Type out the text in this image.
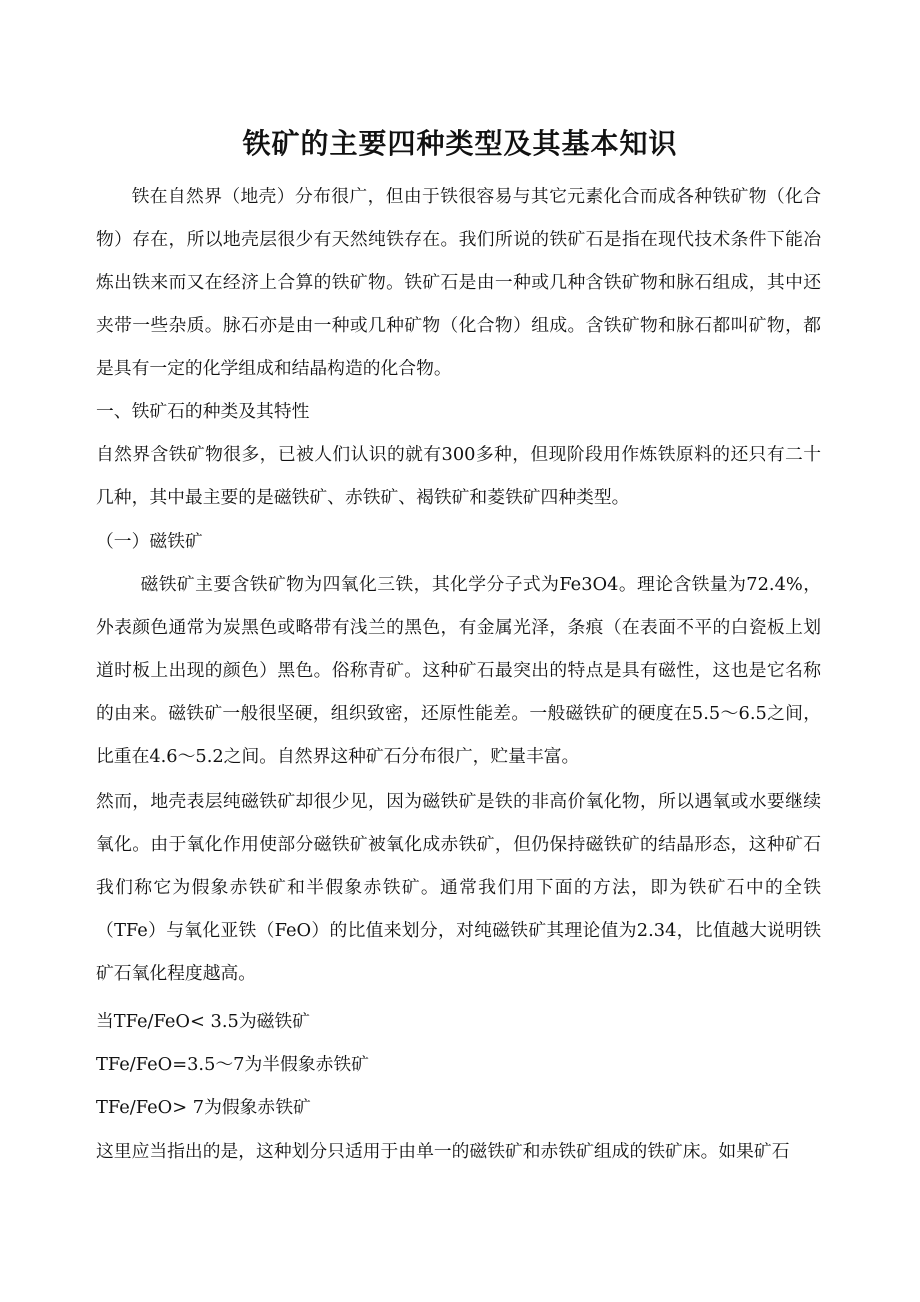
铁矿的主要四种类型及其基本知识

铁在自然界（地壳）分布很广，但由于铁很容易与其它元素化合而成各种铁矿物（化合物）存在，所以地壳层很少有天然纯铁存在。我们所说的铁矿石是指在现代技术条件下能冶炼出铁来而又在经济上合算的铁矿物。铁矿石是由一种或几种含铁矿物和脉石组成，其中还夹带一些杂质。脉石亦是由一种或几种矿物（化合物）组成。含铁矿物和脉石都叫矿物，都是具有一定的化学组成和结晶构造的化合物。

一、铁矿石的种类及其特性

自然界含铁矿物很多，已被人们认识的就有300多种，但现阶段用作炼铁原料的还只有二十几种，其中最主要的是磁铁矿、赤铁矿、褐铁矿和菱铁矿四种类型。

（一）磁铁矿

磁铁矿主要含铁矿物为四氧化三铁，其化学分子式为Fe3O4。理论含铁量为72.4%，外表颜色通常为炭黑色或略带有浅兰的黑色，有金属光泽，条痕（在表面不平的白瓷板上划道时板上出现的颜色）黑色。俗称青矿。这种矿石最突出的特点是具有磁性，这也是它名称的由来。磁铁矿一般很坚硬，组织致密，还原性能差。一般磁铁矿的硬度在5.5～6.5之间，比重在4.6～5.2之间。自然界这种矿石分布很广，贮量丰富。

然而，地壳表层纯磁铁矿却很少见，因为磁铁矿是铁的非高价氧化物，所以遇氧或水要继续氧化。由于氧化作用使部分磁铁矿被氧化成赤铁矿，但仍保持磁铁矿的结晶形态，这种矿石我们称它为假象赤铁矿和半假象赤铁矿。通常我们用下面的方法，即为铁矿石中的全铁（TFe）与氧化亚铁（FeO）的比值来划分，对纯磁铁矿其理论值为2.34，比值越大说明铁矿石氧化程度越高。

当TFe/FeO< 3.5为磁铁矿

TFe/FeO=3.5～7为半假象赤铁矿

TFe/FeO> 7为假象赤铁矿

这里应当指出的是，这种划分只适用于由单一的磁铁矿和赤铁矿组成的铁矿床。如果矿石
